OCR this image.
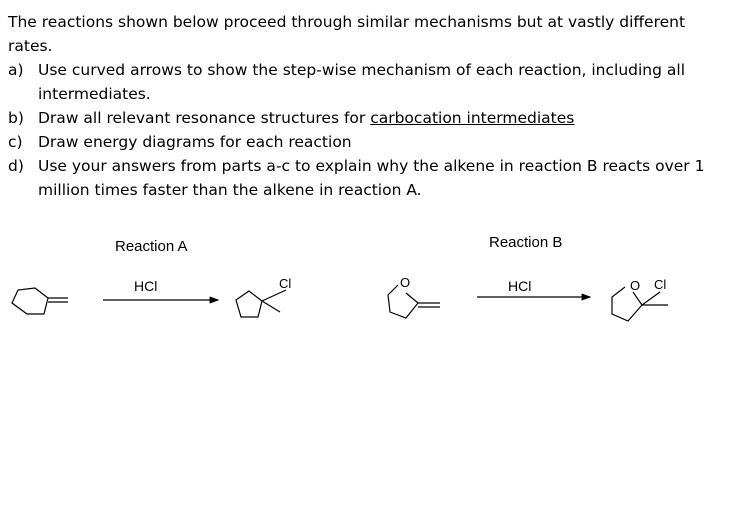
The reactions shown below proceed through similar mechanisms but at vastly different rates.
a) Use curved arrows to show the step-wise mechanism of each reaction, including all intermediates.
b) Draw all relevant resonance structures for carbocation intermediates
c) Draw energy diagrams for each reaction
d) Use your answers from parts a-c to explain why the alkene in reaction B reacts over 1 million times faster than the alkene in reaction A.
Reaction A	Reaction B
HCl	HCl
Cl	O	O Cl
